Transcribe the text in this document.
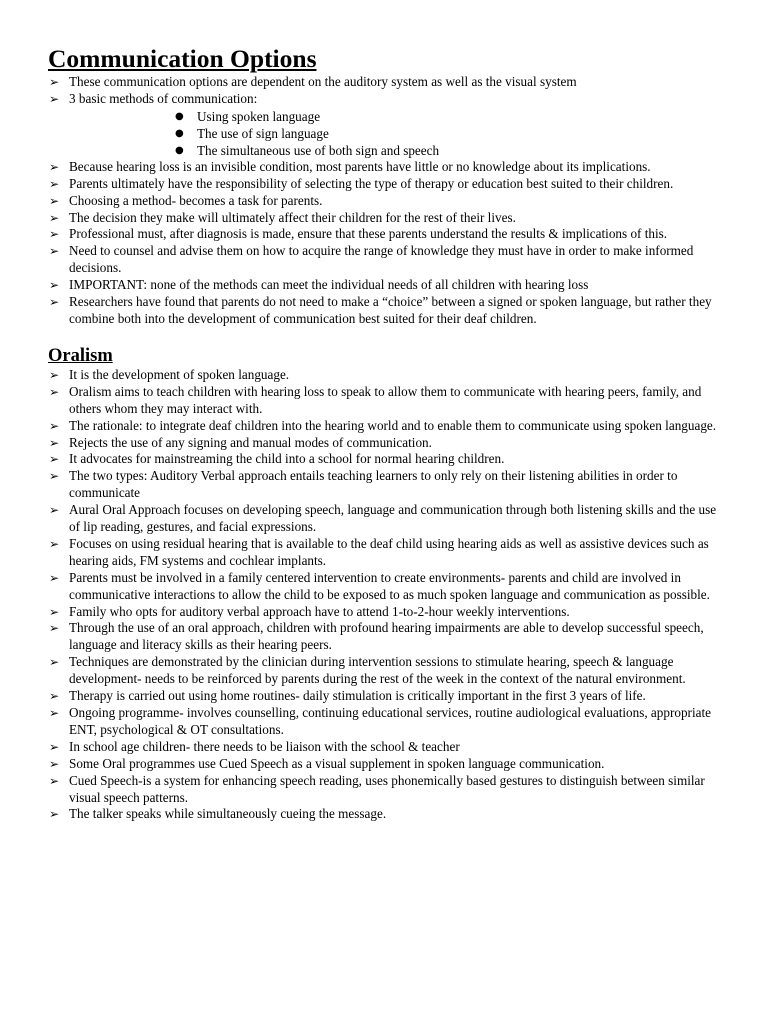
Communication Options
➢ These communication options are dependent on the auditory system as well as the visual system
➢ 3 basic methods of communication:
● Using spoken language
● The use of sign language
● The simultaneous use of both sign and speech
➢ Because hearing loss is an invisible condition, most parents have little or no knowledge about its implications.
➢ Parents ultimately have the responsibility of selecting the type of therapy or education best suited to their children.
➢ Choosing a method- becomes a task for parents.
➢ The decision they make will ultimately affect their children for the rest of their lives.
➢ Professional must, after diagnosis is made, ensure that these parents understand the results & implications of this.
➢ Need to counsel and advise them on how to acquire the range of knowledge they must have in order to make informed decisions.
➢ IMPORTANT: none of the methods can meet the individual needs of all children with hearing loss
➢ Researchers have found that parents do not need to make a “choice” between a signed or spoken language, but rather they combine both into the development of communication best suited for their deaf children.
Oralism
➢ It is the development of spoken language.
➢ Oralism aims to teach children with hearing loss to speak to allow them to communicate with hearing peers, family, and others whom they may interact with.
➢ The rationale: to integrate deaf children into the hearing world and to enable them to communicate using spoken language.
➢ Rejects the use of any signing and manual modes of communication.
➢ It advocates for mainstreaming the child into a school for normal hearing children.
➢ The two types: Auditory Verbal approach entails teaching learners to only rely on their listening abilities in order to communicate
➢ Aural Oral Approach focuses on developing speech, language and communication through both listening skills and the use of lip reading, gestures, and facial expressions.
➢ Focuses on using residual hearing that is available to the deaf child using hearing aids as well as assistive devices such as hearing aids, FM systems and cochlear implants.
➢ Parents must be involved in a family centered intervention to create environments- parents and child are involved in communicative interactions to allow the child to be exposed to as much spoken language and communication as possible.
➢ Family who opts for auditory verbal approach have to attend 1-to-2-hour weekly interventions.
➢ Through the use of an oral approach, children with profound hearing impairments are able to develop successful speech, language and literacy skills as their hearing peers.
➢ Techniques are demonstrated by the clinician during intervention sessions to stimulate hearing, speech & language development- needs to be reinforced by parents during the rest of the week in the context of the natural environment.
➢ Therapy is carried out using home routines- daily stimulation is critically important in the first 3 years of life.
➢ Ongoing programme- involves counselling, continuing educational services, routine audiological evaluations, appropriate ENT, psychological & OT consultations.
➢ In school age children- there needs to be liaison with the school & teacher
➢ Some Oral programmes use Cued Speech as a visual supplement in spoken language communication.
➢ Cued Speech-is a system for enhancing speech reading, uses phonemically based gestures to distinguish between similar visual speech patterns.
➢ The talker speaks while simultaneously cueing the message.
